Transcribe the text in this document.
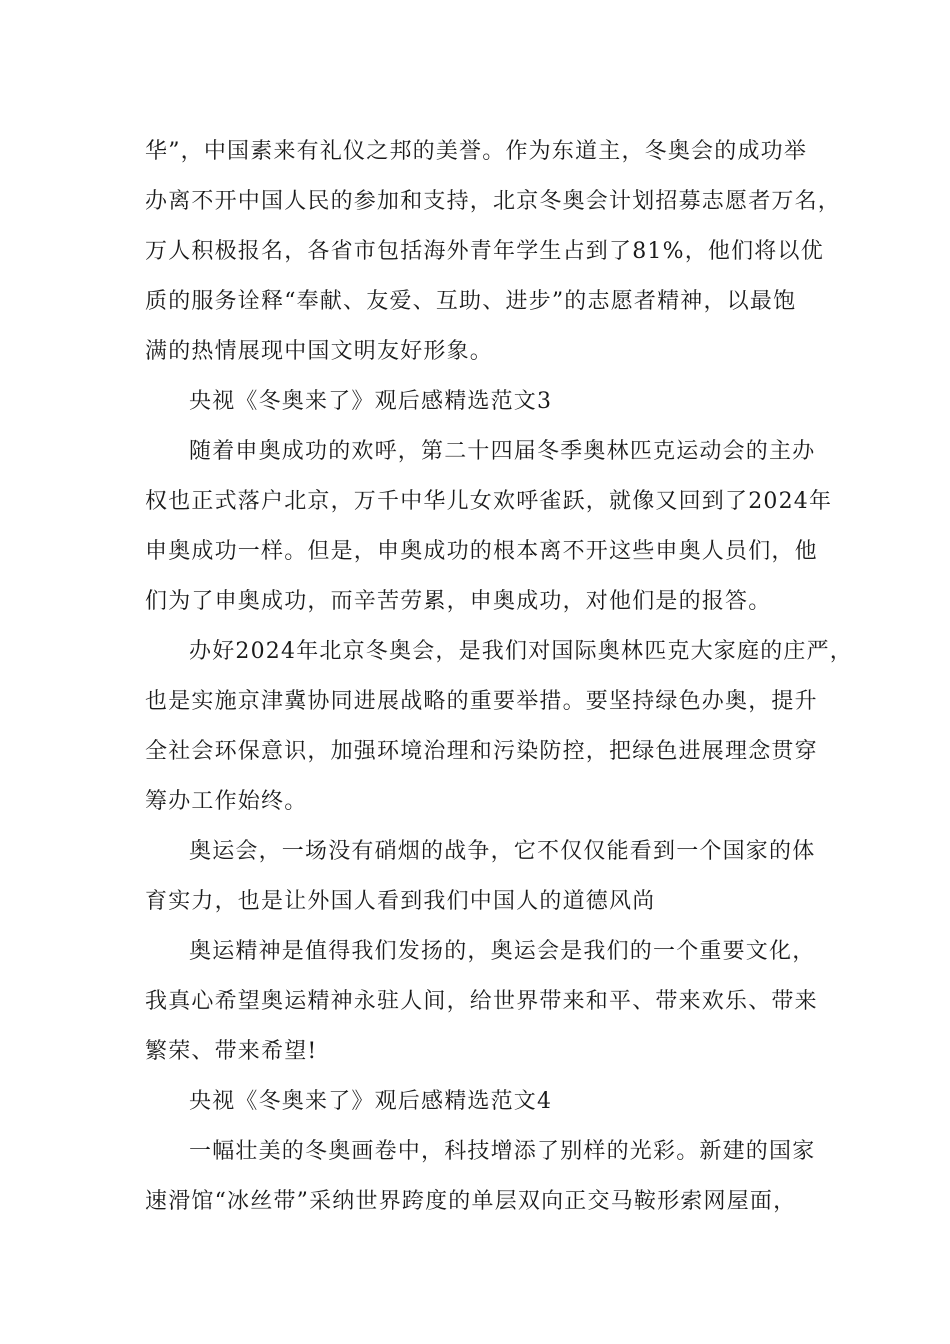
华”，中国素来有礼仪之邦的美誉。作为东道主，冬奥会的成功举
办离不开中国人民的参加和支持，北京冬奥会计划招募志愿者万名，
万人积极报名，各省市包括海外青年学生占到了81%，他们将以优
质的服务诠释“奉献、友爱、互助、进步”的志愿者精神，以最饱
满的热情展现中国文明友好形象。
央视《冬奥来了》观后感精选范文3
随着申奥成功的欢呼，第二十四届冬季奥林匹克运动会的主办
权也正式落户北京，万千中华儿女欢呼雀跃，就像又回到了2024年
申奥成功一样。但是，申奥成功的根本离不开这些申奥人员们，他
们为了申奥成功，而辛苦劳累，申奥成功，对他们是的报答。
办好2024年北京冬奥会，是我们对国际奥林匹克大家庭的庄严，
也是实施京津冀协同进展战略的重要举措。要坚持绿色办奥，提升
全社会环保意识，加强环境治理和污染防控，把绿色进展理念贯穿
筹办工作始终。
奥运会，一场没有硝烟的战争，它不仅仅能看到一个国家的体
育实力，也是让外国人看到我们中国人的道德风尚
奥运精神是值得我们发扬的，奥运会是我们的一个重要文化，
我真心希望奥运精神永驻人间，给世界带来和平、带来欢乐、带来
繁荣、带来希望!
央视《冬奥来了》观后感精选范文4
一幅壮美的冬奥画卷中，科技增添了别样的光彩。新建的国家
速滑馆“冰丝带”采纳世界跨度的单层双向正交马鞍形索网屋面，
